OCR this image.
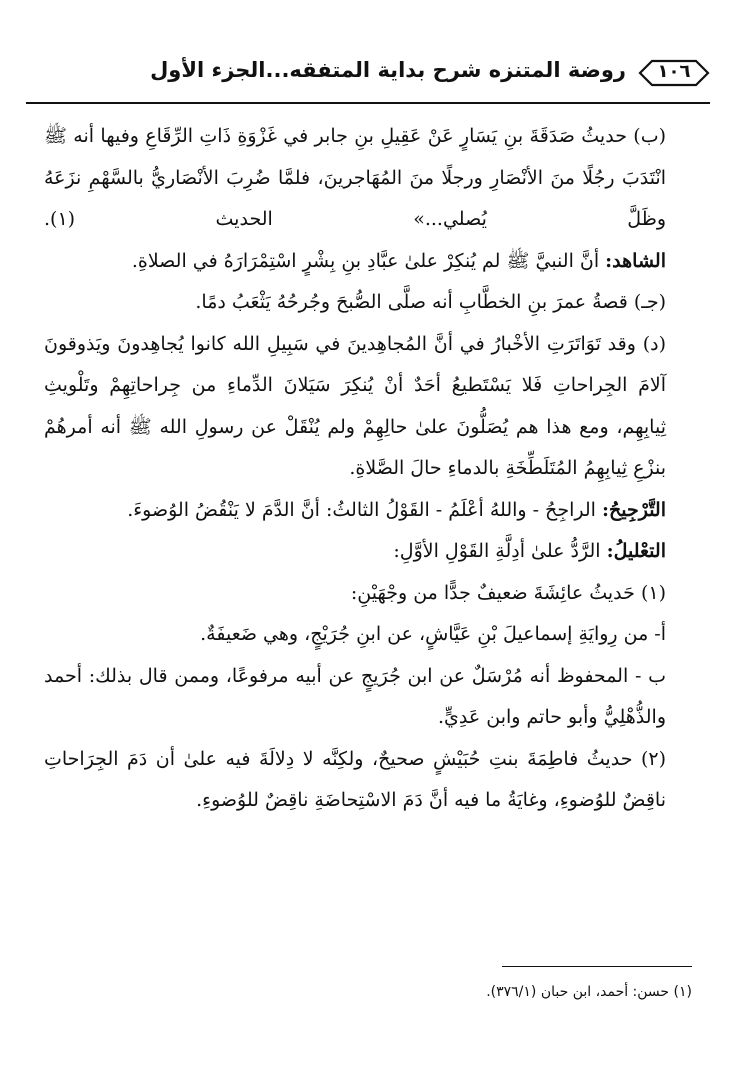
١٠٦
روضة المتنزه شرح بداية المتفقه...الجزء الأول

(ب) حديثُ صَدَقَةَ بنِ يَسَارٍ عَنْ عَقِيلِ بنِ جابر في غَزْوَةِ ذَاتِ الرِّقَاعِ وفيها أنه ﷺ انْتَدَبَ رجُلًا منَ الأنْصَارِ ورجلًا منَ المُهَاجرينَ، فلمَّا ضُرِبَ الأنْصَاريُّ بالسَّهْمِ نزَعَهُ وظَلَّ يُصلي...» الحديث (١).

الشاهد: أنَّ النبيَّ ﷺ لم يُنكِرْ علىٰ عبَّادِ بنِ بِشْرٍ اسْتِمْرَارَهُ في الصلاةِ.

(جـ) قصةُ عمرَ بنِ الخطَّابِ أنه صلَّى الصُّبحَ وجُرحُهُ يَثْعَبُ دمًا.

(د) وقد تَوَاتَرَتِ الأخْبارُ في أنَّ المُجاهِدينَ في سَبِيلِ الله كانوا يُجاهِدونَ ويَذوقونَ آلامَ الجِراحاتِ فَلا يَسْتَطيعُ أحَدٌ أنْ يُنكِرَ سَيَلانَ الدِّماءِ من جِراحاتِهِمْ وتَلْويثِ ثِيابِهِم، ومع هذا هم يُصَلُّونَ علىٰ حالِهِمْ ولم يُنْقَلْ عن رسولِ الله ﷺ أنه أمرهُمْ بنزْعِ ثِيابِهِمُ المُتَلَطِّخَةِ بالدماءِ حالَ الصَّلاةِ.

التَّرْجِيحُ: الراجِحُ - واللهُ أعْلَمُ - القَوْلُ الثالثُ: أنَّ الدَّمَ لا يَنْقُضُ الوُضوءَ.

التعْليلُ: الرَّدُّ علىٰ أدِلَّةِ القَوْلِ الأوَّلِ:

(١) حَديثُ عائِشَةَ ضعيفٌ جدًّا من وجْهَيْنِ:

أ- من رِوايَةِ إسماعيلَ بْنِ عَيَّاشٍ، عن ابنِ جُرَيْجٍ، وهي ضَعيفَةٌ.

ب - المحفوظ أنه مُرْسَلٌ عن ابن جُرَيجٍ عن أبيه مرفوعًا، وممن قال بذلك: أحمد والذُّهْلِيُّ وأبو حاتم وابن عَدِيٍّ.

(٢) حديثُ فاطِمَةَ بنتِ حُبَيْشٍ صحيحٌ، ولكِنَّه لا دِلالَةَ فيه علىٰ أن دَمَ الجِرَاحاتِ ناقِضٌ للوُضوءِ، وغايَةُ ما فيه أنَّ دَمَ الاسْتِحاضَةِ ناقِضٌ للوُضوءِ.

(١) حسن: أحمد، ابن حبان (٣٧٦/١).
